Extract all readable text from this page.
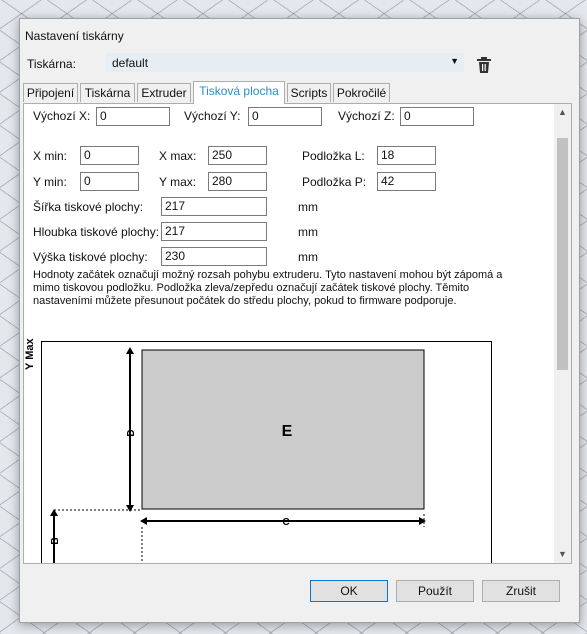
Nastavení tiskárny
Tiskárna:	default	▼
Připojení Tiskárna Extruder	Tisková plocha Scripts Pokročilé
Výchozí X: 0	Výchozí Y: 0	Výchozí Z: 0
X min:	0	X max:	250	Podložka L:	18
Y min:	0	Y max:	280	Podložka P:	42
Šířka tiskové plochy:	217	mm
Hloubka tiskové plochy: 217	mm
Výška tiskové plochy:	230	mm
Hodnoty začátek označují možný rozsah pohybu extruderu. Tyto nastavení mohou být zápomá a mimo tiskovou podložku. Podložka zleva/zepředu označují začátek tiskové plochy. Těmito nastaveními můžete přesunout počátek do středu plochy, pokud to firmware podporuje.
Y Max
D
C
B
E
▲
▼
OK	Použít	Zrušit
